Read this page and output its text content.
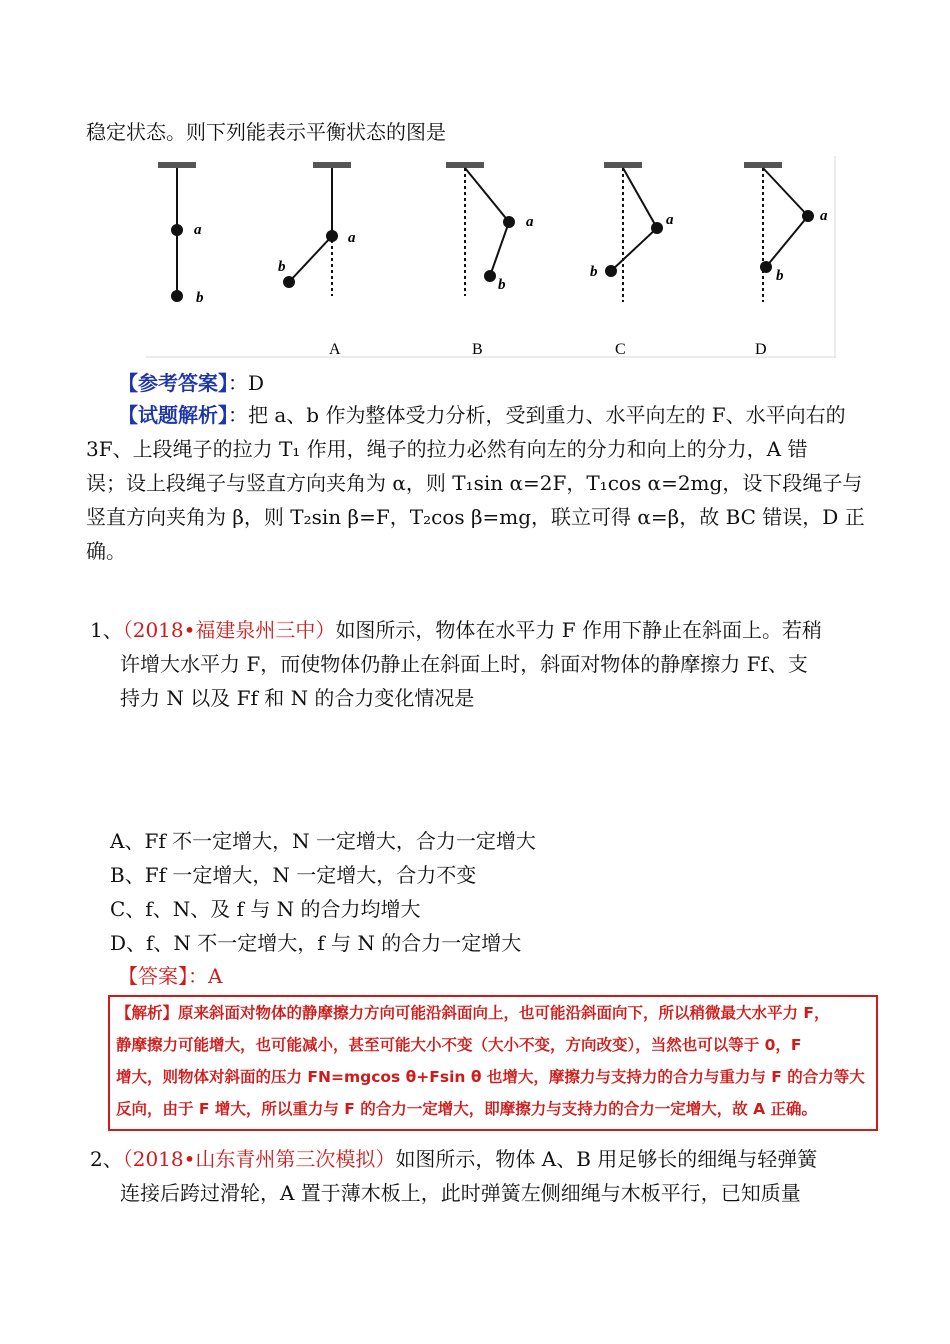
稳定状态。则下列能表示平衡状态的图是
a
b
a
b
A
a
b
B
a
b
C
a
b
D
【参考答案】：D
【试题解析】：把 a、b 作为整体受力分析，受到重力、水平向左的 F、水平向右的
3F、上段绳子的拉力 T₁ 作用，绳子的拉力必然有向左的分力和向上的分力，A 错
误；设上段绳子与竖直方向夹角为 α，则 T₁sin α=2F，T₁cos α=2mg，设下段绳子与
竖直方向夹角为 β，则 T₂sin β=F，T₂cos β=mg，联立可得 α=β，故 BC 错误，D 正
确。
1、（2018•福建泉州三中）如图所示，物体在水平力 F 作用下静止在斜面上。若稍
许增大水平力 F，而使物体仍静止在斜面上时，斜面对物体的静摩擦力 Ff、支
持力 N 以及 Ff 和 N 的合力变化情况是
A、Ff 不一定增大，N 一定增大，合力一定增大
B、Ff 一定增大，N 一定增大，合力不变
C、f、N、及 f 与 N 的合力均增大
D、f、N 不一定增大，f 与 N 的合力一定增大
【答案】：A
【解析】原来斜面对物体的静摩擦力方向可能沿斜面向上，也可能沿斜面向下，所以稍微最大水平力 F，
静摩擦力可能增大，也可能减小，甚至可能大小不变（大小不变，方向改变），当然也可以等于 0，F
增大，则物体对斜面的压力 FN=mgcos θ+Fsin θ 也增大，摩擦力与支持力的合力与重力与 F 的合力等大
反向，由于 F 增大，所以重力与 F 的合力一定增大，即摩擦力与支持力的合力一定增大，故 A 正确。
2、（2018•山东青州第三次模拟）如图所示，物体 A、B 用足够长的细绳与轻弹簧
连接后跨过滑轮，A 置于薄木板上，此时弹簧左侧细绳与木板平行，已知质量
